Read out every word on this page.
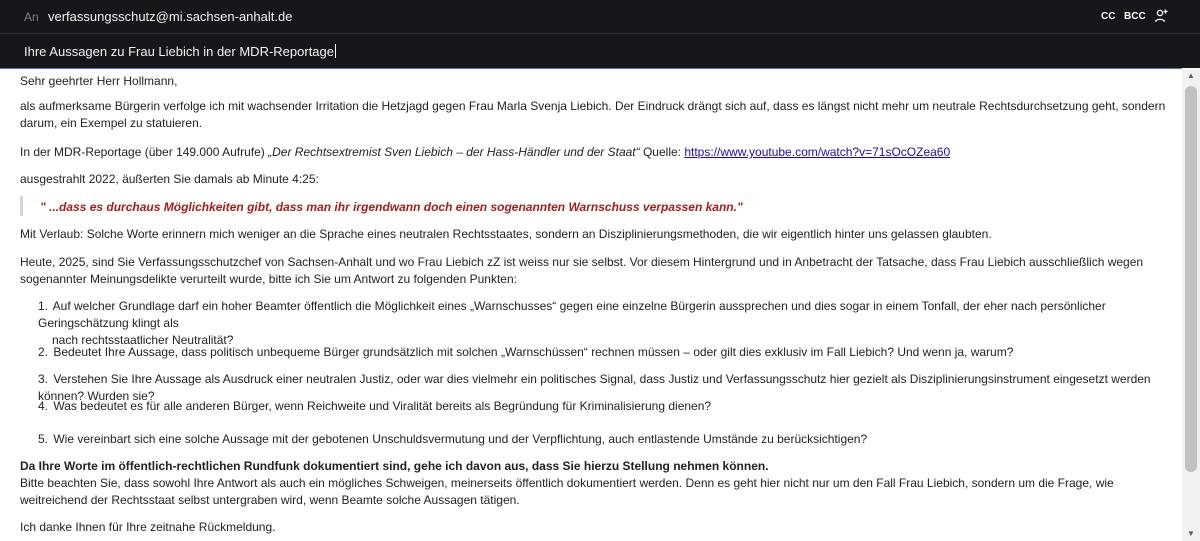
An verfassungsschutz@mi.sachsen-anhalt.de	CC BCC
Ihre Aussagen zu Frau Liebich in der MDR-Reportage
Sehr geehrter Herr Hollmann,
als aufmerksame Bürgerin verfolge ich mit wachsender Irritation die Hetzjagd gegen Frau Marla Svenja Liebich. Der Eindruck drängt sich auf, dass es längst nicht mehr um neutrale Rechtsdurchsetzung geht, sondern darum, ein Exempel zu statuieren.
In der MDR-Reportage (über 149.000 Aufrufe) „Der Rechtsextremist Sven Liebich – der Hass-Händler und der Staat“ Quelle: https://www.youtube.com/watch?v=71sOcOZea60
ausgestrahlt 2022, äußerten Sie damals ab Minute 4:25:
" ...dass es durchaus Möglichkeiten gibt, dass man ihr irgendwann doch einen sogenannten Warnschuss verpassen kann."
Mit Verlaub: Solche Worte erinnern mich weniger an die Sprache eines neutralen Rechtsstaates, sondern an Disziplinierungsmethoden, die wir eigentlich hinter uns gelassen glaubten.
Heute, 2025, sind Sie Verfassungsschutzchef von Sachsen-Anhalt und wo Frau Liebich zZ ist weiss nur sie selbst. Vor diesem Hintergrund und in Anbetracht der Tatsache, dass Frau Liebich ausschließlich wegen sogenannter Meinungsdelikte verurteilt wurde, bitte ich Sie um Antwort zu folgenden Punkten:
1. Auf welcher Grundlage darf ein hoher Beamter öffentlich die Möglichkeit eines „Warnschusses“ gegen eine einzelne Bürgerin aussprechen und dies sogar in einem Tonfall, der eher nach persönlicher Geringschätzung klingt als
nach rechtsstaatlicher Neutralität?
2. Bedeutet Ihre Aussage, dass politisch unbequeme Bürger grundsätzlich mit solchen „Warnschüssen“ rechnen müssen – oder gilt dies exklusiv im Fall Liebich? Und wenn ja, warum?
3. Verstehen Sie Ihre Aussage als Ausdruck einer neutralen Justiz, oder war dies vielmehr ein politisches Signal, dass Justiz und Verfassungsschutz hier gezielt als Disziplinierungsinstrument eingesetzt werden können? Wurden sie?
4. Was bedeutet es für alle anderen Bürger, wenn Reichweite und Viralität bereits als Begründung für Kriminalisierung dienen?
5. Wie vereinbart sich eine solche Aussage mit der gebotenen Unschuldsvermutung und der Verpflichtung, auch entlastende Umstände zu berücksichtigen?
Da Ihre Worte im öffentlich-rechtlichen Rundfunk dokumentiert sind, gehe ich davon aus, dass Sie hierzu Stellung nehmen können.
Bitte beachten Sie, dass sowohl Ihre Antwort als auch ein mögliches Schweigen, meinerseits öffentlich dokumentiert werden. Denn es geht hier nicht nur um den Fall Frau Liebich, sondern um die Frage, wie weitreichend der Rechtsstaat selbst untergraben wird, wenn Beamte solche Aussagen tätigen.
Ich danke Ihnen für Ihre zeitnahe Rückmeldung.
▲
▼
